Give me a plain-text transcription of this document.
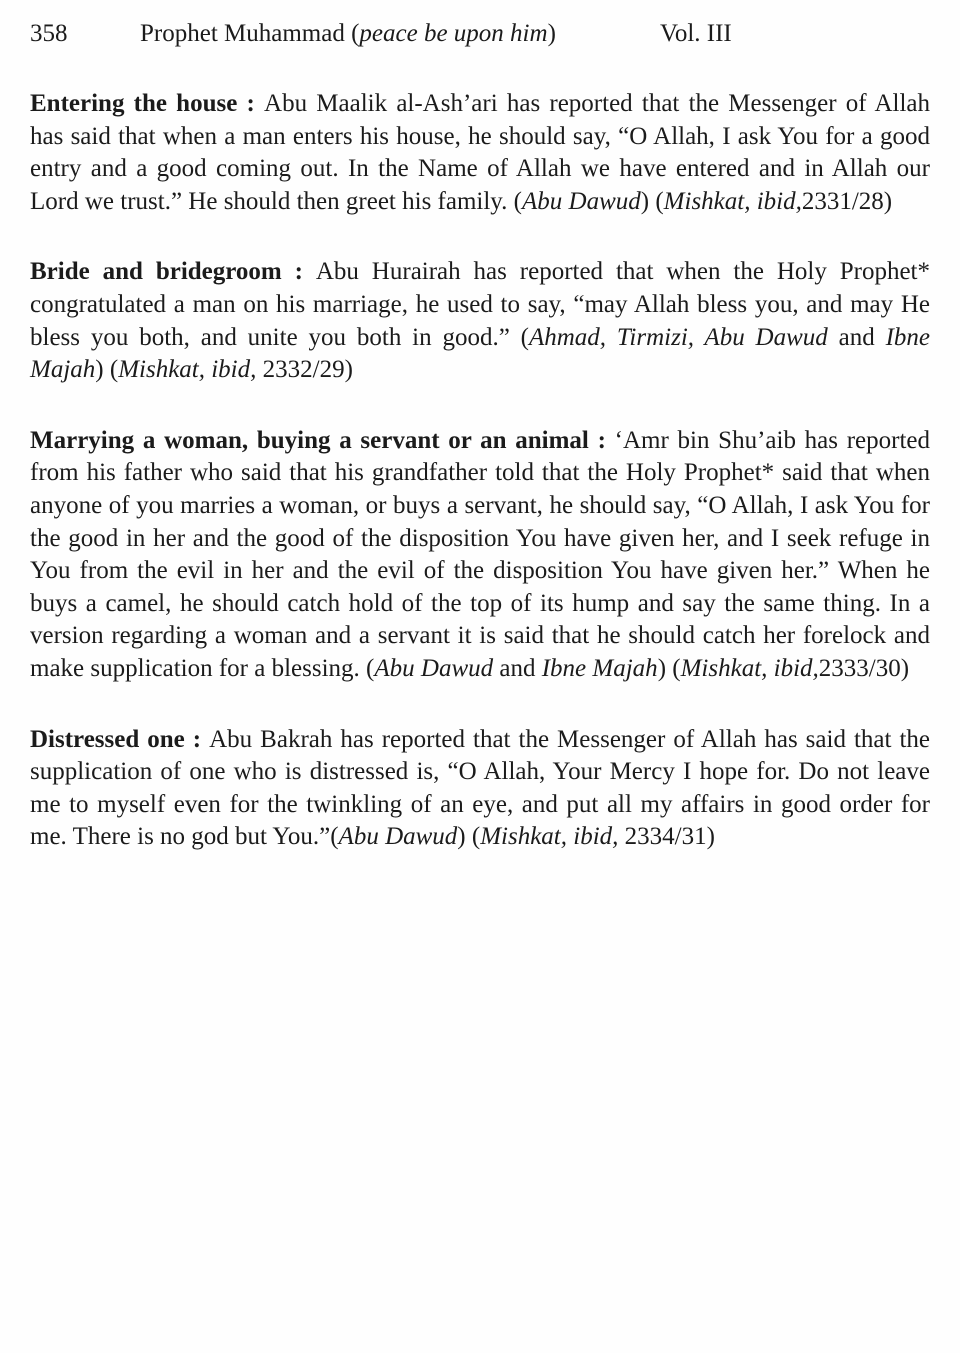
358	Prophet Muhammad (peace be upon him)	Vol. III

Entering the house : Abu Maalik al-Ash’ari has reported that the Messenger of Allah has said that when a man enters his house, he should say, “O Allah, I ask You for a good entry and a good coming out. In the Name of Allah we have entered and in Allah our Lord we trust.” He should then greet his family. (Abu Dawud) (Mishkat, ibid,2331/28)

Bride and bridegroom : Abu Hurairah has reported that when the Holy Prophet* congratulated a man on his marriage, he used to say, “may Allah bless you, and may He bless you both, and unite you both in good.” (Ahmad, Tirmizi, Abu Dawud and Ibne Majah) (Mishkat, ibid, 2332/29)

Marrying a woman, buying a servant or an animal : ‘Amr bin Shu’aib has reported from his father who said that his grandfather told that the Holy Prophet* said that when anyone of you marries a woman, or buys a servant, he should say, “O Allah, I ask You for the good in her and the good of the disposition You have given her, and I seek refuge in You from the evil in her and the evil of the disposition You have given her.” When he buys a camel, he should catch hold of the top of its hump and say the same thing. In a version regarding a woman and a servant it is said that he should catch her forelock and make supplication for a blessing. (Abu Dawud and Ibne Majah) (Mishkat, ibid,2333/30)

Distressed one : Abu Bakrah has reported that the Messenger of Allah has said that the supplication of one who is distressed is, “O Allah, Your Mercy I hope for. Do not leave me to myself even for the twinkling of an eye, and put all my affairs in good order for me. There is no god but You.”(Abu Dawud) (Mishkat, ibid, 2334/31)
